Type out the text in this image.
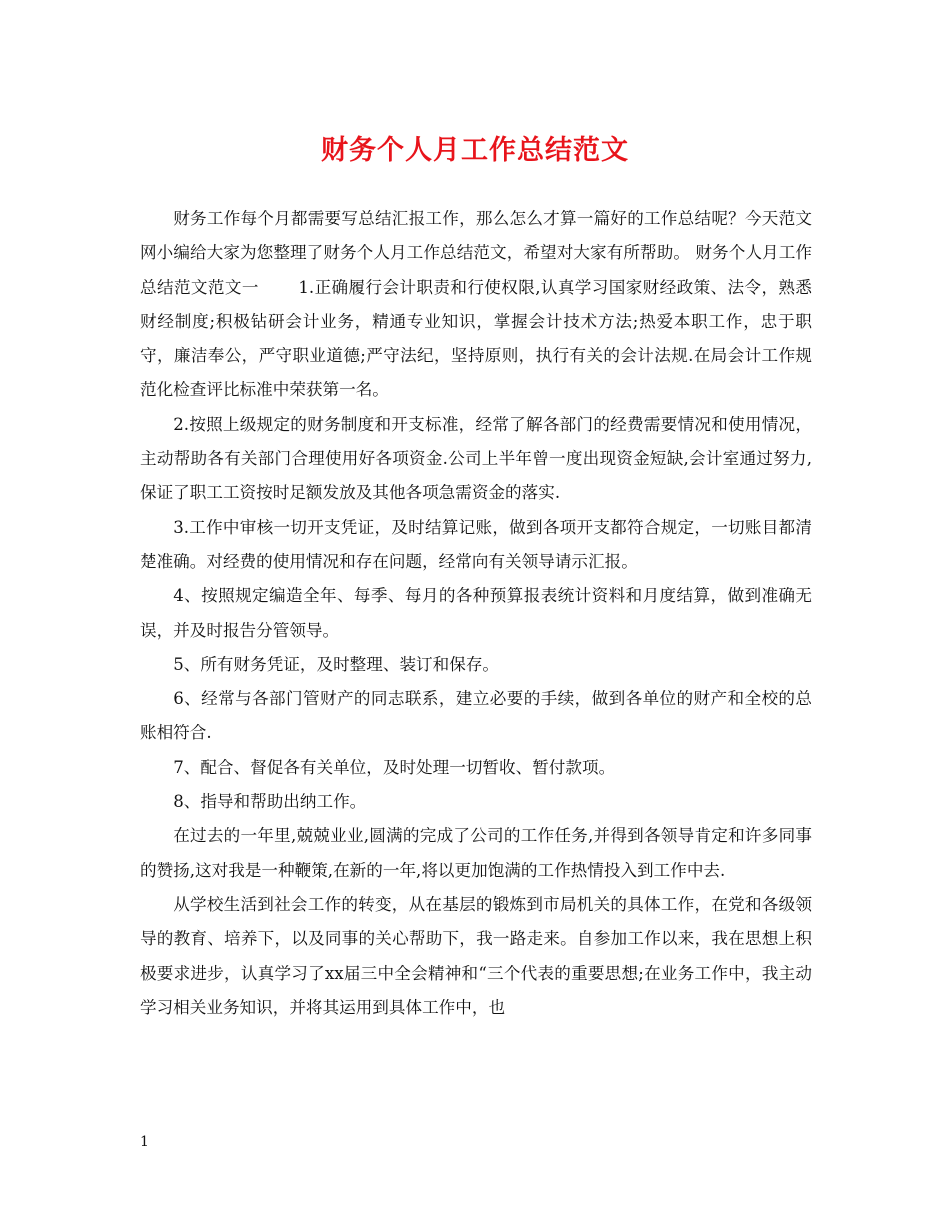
财务个人月工作总结范文

财务工作每个月都需要写总结汇报工作，那么怎么才算一篇好的工作总结呢？今天范文网小编给大家为您整理了财务个人月工作总结范文，希望对大家有所帮助。 财务个人月工作总结范文范文一 　　1.正确履行会计职责和行使权限,认真学习国家财经政策、法令，熟悉财经制度;积极钻研会计业务，精通专业知识，掌握会计技术方法;热爱本职工作，忠于职守，廉洁奉公，严守职业道德;严守法纪，坚持原则，执行有关的会计法规.在局会计工作规范化检查评比标准中荣获第一名。

2.按照上级规定的财务制度和开支标准，经常了解各部门的经费需要情况和使用情况，主动帮助各有关部门合理使用好各项资金.公司上半年曾一度出现资金短缺,会计室通过努力,保证了职工工资按时足额发放及其他各项急需资金的落实.

3.工作中审核一切开支凭证，及时结算记账，做到各项开支都符合规定，一切账目都清楚准确。对经费的使用情况和存在问题，经常向有关领导请示汇报。

4、按照规定编造全年、每季、每月的各种预算报表统计资料和月度结算，做到准确无误，并及时报告分管领导。

5、所有财务凭证，及时整理、装订和保存。

6、经常与各部门管财产的同志联系，建立必要的手续，做到各单位的财产和全校的总账相符合.

7、配合、督促各有关单位，及时处理一切暂收、暂付款项。

8、指导和帮助出纳工作。

在过去的一年里,兢兢业业,圆满的完成了公司的工作任务,并得到各领导肯定和许多同事的赞扬,这对我是一种鞭策,在新的一年,将以更加饱满的工作热情投入到工作中去.

从学校生活到社会工作的转变，从在基层的锻炼到市局机关的具体工作，在党和各级领导的教育、培养下，以及同事的关心帮助下，我一路走来。自参加工作以来，我在思想上积极要求进步，认真学习了xx届三中全会精神和“三个代表的重要思想;在业务工作中，我主动学习相关业务知识，并将其运用到具体工作中，也

1
